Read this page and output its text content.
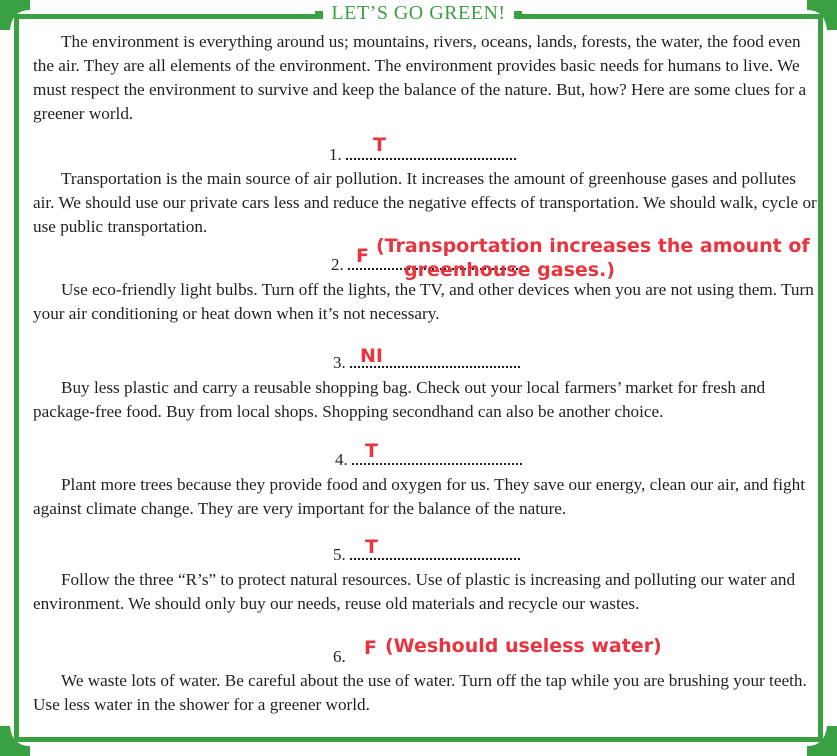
LET’S GO GREEN!
The environment is everything around us; mountains, rivers, oceans, lands, forests, the water, the food even the air. They are all elements of the environment. The environment provides basic needs for humans to live. We must respect the environment to survive and keep the balance of the nature. But, how? Here are some clues for a greener world.
1.	T
Transportation is the main source of air pollution. It increases the amount of greenhouse gases and pollutes air. We should use our private cars less and reduce the negative effects of transportation. We should walk, cycle or use public transportation.
2. F (Transportation increases the amount of
greenhouse gases.)
Use eco-friendly light bulbs. Turn off the lights, the TV, and other devices when you are not using them. Turn your air conditioning or heat down when it’s not necessary.
3. NI
Buy less plastic and carry a reusable shopping bag. Check out your local farmers’ market for fresh and package-free food. Buy from local shops. Shopping secondhand can also be another choice.
4. T
Plant more trees because they provide food and oxygen for us. They save our energy, clean our air, and fight against climate change. They are very important for the balance of the nature.
5.	T
Follow the three “R’s” to protect natural resources. Use of plastic is increasing and polluting our water and environment. We should only buy our needs, reuse old materials and recycle our wastes.
6. F (Weshould useless water)
We waste lots of water. Be careful about the use of water. Turn off the tap while you are brushing your teeth. Use less water in the shower for a greener world.
